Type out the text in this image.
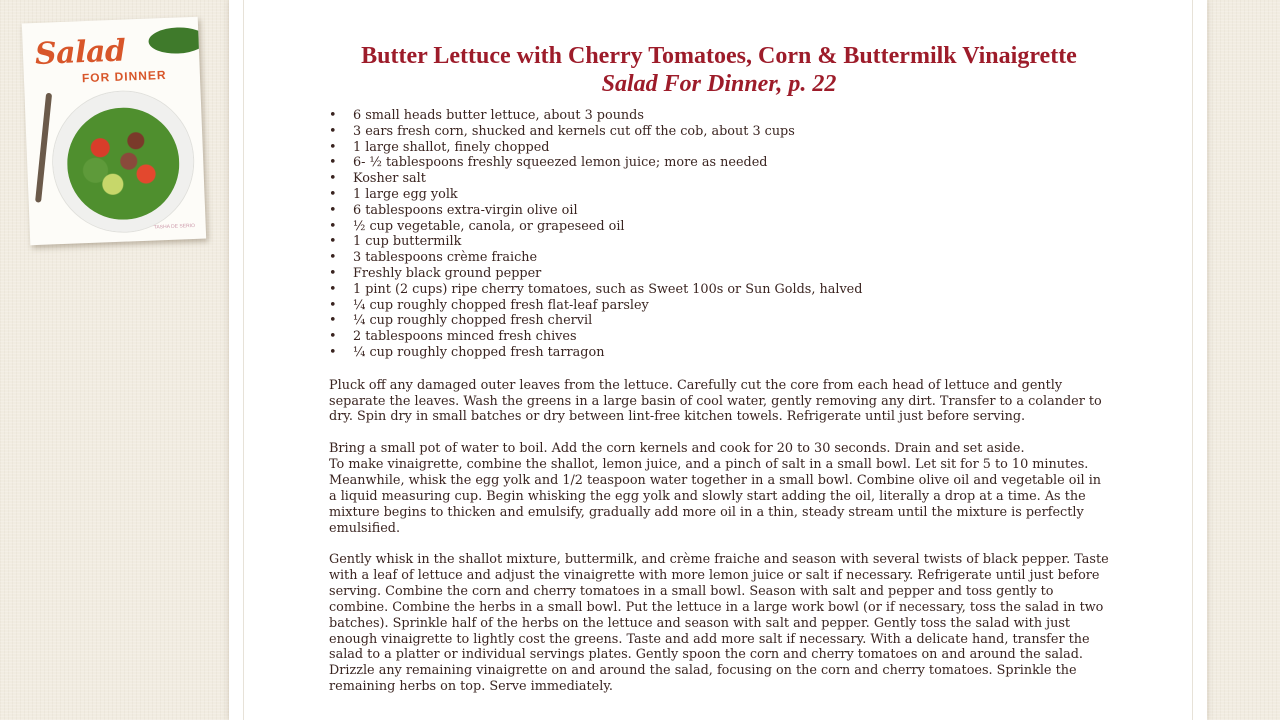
Salad
FOR DINNER
TASHA DE SERIO
Butter Lettuce with Cherry Tomatoes, Corn & Buttermilk Vinaigrette
Salad For Dinner, p. 22
• 6 small heads butter lettuce, about 3 pounds
• 3 ears fresh corn, shucked and kernels cut off the cob, about 3 cups
• 1 large shallot, finely chopped
• 6- ½ tablespoons freshly squeezed lemon juice; more as needed
• Kosher salt
• 1 large egg yolk
• 6 tablespoons extra-virgin olive oil
• ½ cup vegetable, canola, or grapeseed oil
• 1 cup buttermilk
• 3 tablespoons crème fraiche
• Freshly black ground pepper
• 1 pint (2 cups) ripe cherry tomatoes, such as Sweet 100s or Sun Golds, halved
• ¼ cup roughly chopped fresh flat-leaf parsley
• ¼ cup roughly chopped fresh chervil
• 2 tablespoons minced fresh chives
• ¼ cup roughly chopped fresh tarragon

Pluck off any damaged outer leaves from the lettuce. Carefully cut the core from each head of lettuce and gently separate the leaves. Wash the greens in a large basin of cool water, gently removing any dirt. Transfer to a colander to dry. Spin dry in small batches or dry between lint-free kitchen towels. Refrigerate until just before serving.

Bring a small pot of water to boil. Add the corn kernels and cook for 20 to 30 seconds. Drain and set aside.

To make vinaigrette, combine the shallot, lemon juice, and a pinch of salt in a small bowl. Let sit for 5 to 10 minutes. Meanwhile, whisk the egg yolk and 1/2 teaspoon water together in a small bowl. Combine olive oil and vegetable oil in a liquid measuring cup. Begin whisking the egg yolk and slowly start adding the oil, literally a drop at a time. As the mixture begins to thicken and emulsify, gradually add more oil in a thin, steady stream until the mixture is perfectly emulsified.

Gently whisk in the shallot mixture, buttermilk, and crème fraiche and season with several twists of black pepper. Taste with a leaf of lettuce and adjust the vinaigrette with more lemon juice or salt if necessary. Refrigerate until just before serving. Combine the corn and cherry tomatoes in a small bowl. Season with salt and pepper and toss gently to combine. Combine the herbs in a small bowl. Put the lettuce in a large work bowl (or if necessary, toss the salad in two batches). Sprinkle half of the herbs on the lettuce and season with salt and pepper. Gently toss the salad with just enough vinaigrette to lightly cost the greens. Taste and add more salt if necessary. With a delicate hand, transfer the salad to a platter or individual servings plates. Gently spoon the corn and cherry tomatoes on and around the salad. Drizzle any remaining vinaigrette on and around the salad, focusing on the corn and cherry tomatoes. Sprinkle the remaining herbs on top. Serve immediately.
